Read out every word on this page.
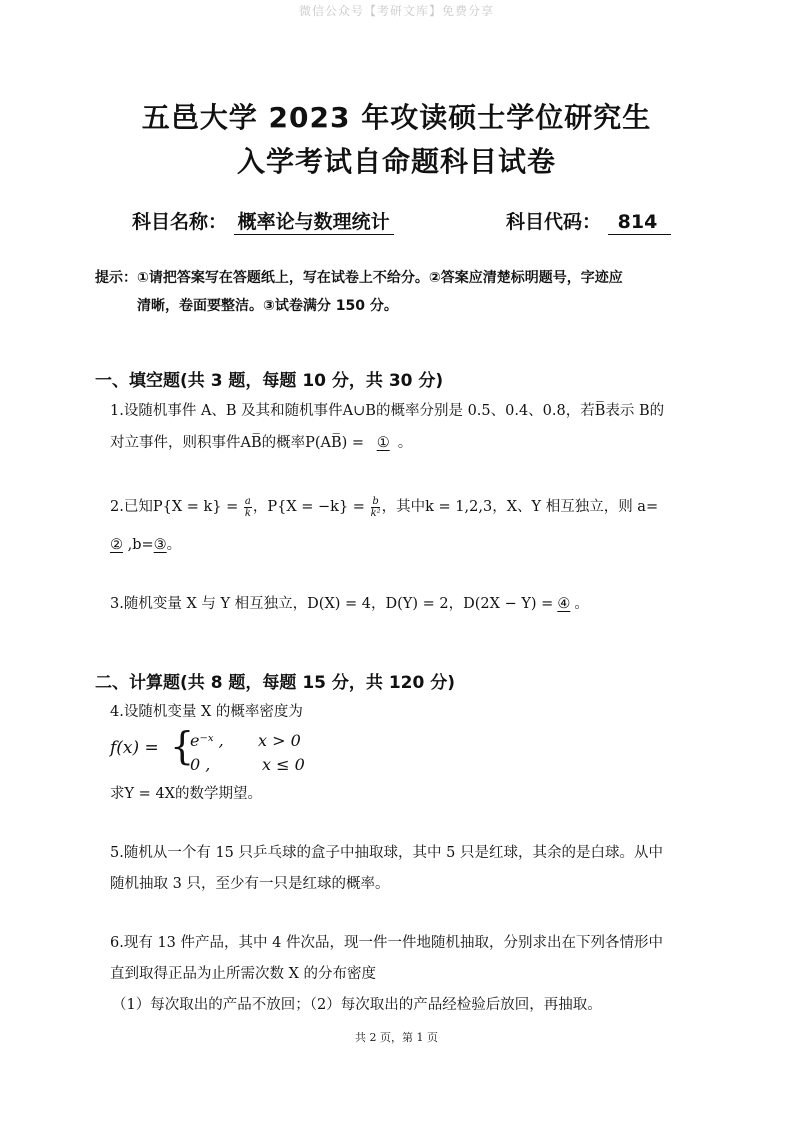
微信公众号【考研文库】免费分享
五邑大学 2023 年攻读硕士学位研究生
入学考试自命题科目试卷
科目名称： 概率论与数理统计	科目代码： 814
提示：①请把答案写在答题纸上，写在试卷上不给分。②答案应清楚标明题号，字迹应
清晰，卷面要整洁。③试卷满分 150 分。
一、填空题(共 3 题，每题 10 分，共 30 分)
1.设随机事件 A、B 及其和随机事件A∪B的概率分别是 0.5、0.4、0.8，若B̅表示 B的
对立事件，则积事件AB̅的概率P(AB̅) = ① 。
2.已知$P\{X = k\} = \frac{a}{k}$ ，$P\{X = -k\} = \frac{b}{\text{k²}}$ ，其中k = 1,2,3，X、Y 相互独立，则 a=
② ,b=③。
3.随机变量 X 与 Y 相互独立，D(X) = 4，D(Y) = 2，D(2X − Y) = ④ 。
二、计算题(共 8 题，每题 15 分，共 120 分)
4.设随机变量 X 的概率密度为
f(x) = {
e⁻ˣ , x > 0
0 ,	x ≤ 0
求Y = 4X的数学期望。
5.随机从一个有 15 只乒乓球的盒子中抽取球，其中 5 只是红球，其余的是白球。从中
随机抽取 3 只，至少有一只是红球的概率。
6.现有 13 件产品，其中 4 件次品，现一件一件地随机抽取，分别求出在下列各情形中
直到取得正品为止所需次数 X 的分布密度
（1）每次取出的产品不放回；（2）每次取出的产品经检验后放回，再抽取。
共 2 页，第 1 页
